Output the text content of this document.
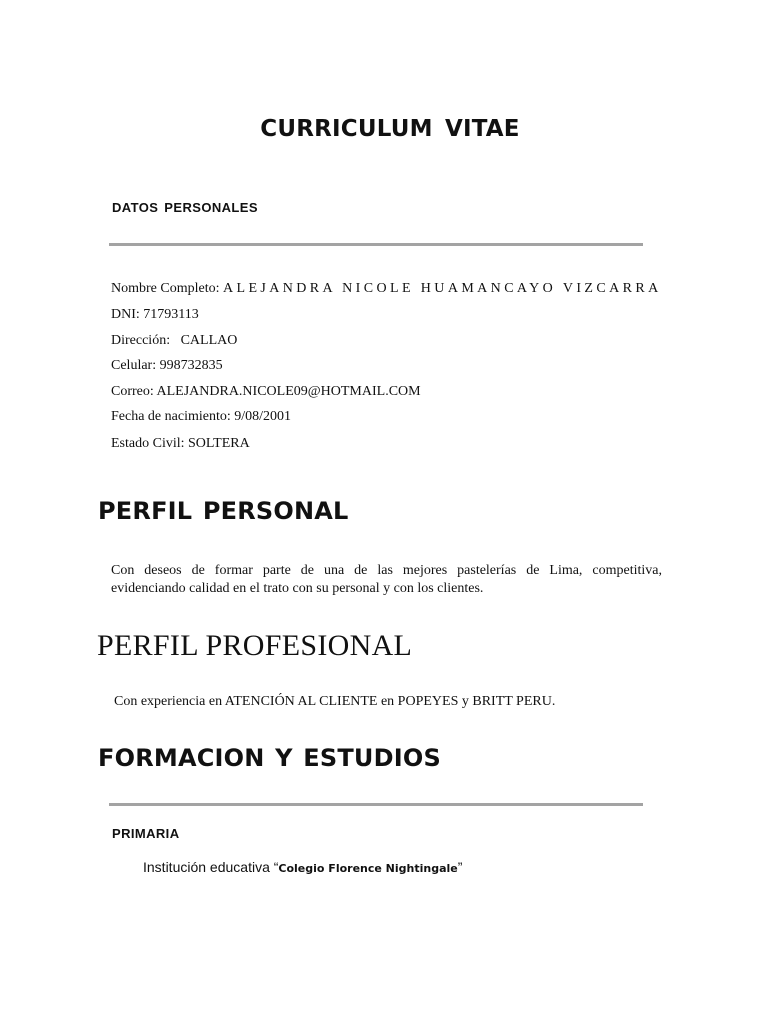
CURRICULUM VITAE
DATOS PERSONALES
Nombre Completo: ALEJANDRA NICOLE HUAMANCAYO VIZCARRA
DNI: 71793113
Dirección: CALLAO
Celular: 998732835
Correo: ALEJANDRA.NICOLE09@HOTMAIL.COM
Fecha de nacimiento: 9/08/2001
Estado Civil: SOLTERA
PERFIL PERSONAL

Con deseos de formar parte de una de las mejores pastelerías de Lima, competitiva,

evidenciando calidad en el trato con su personal y con los clientes.

PERFIL PROFESIONAL
Con experiencia en ATENCIÓN AL CLIENTE en POPEYES y BRITT PERU.
FORMACION Y ESTUDIOS
PRIMARIA
Institución educativa “Colegio Florence Nightingale”
